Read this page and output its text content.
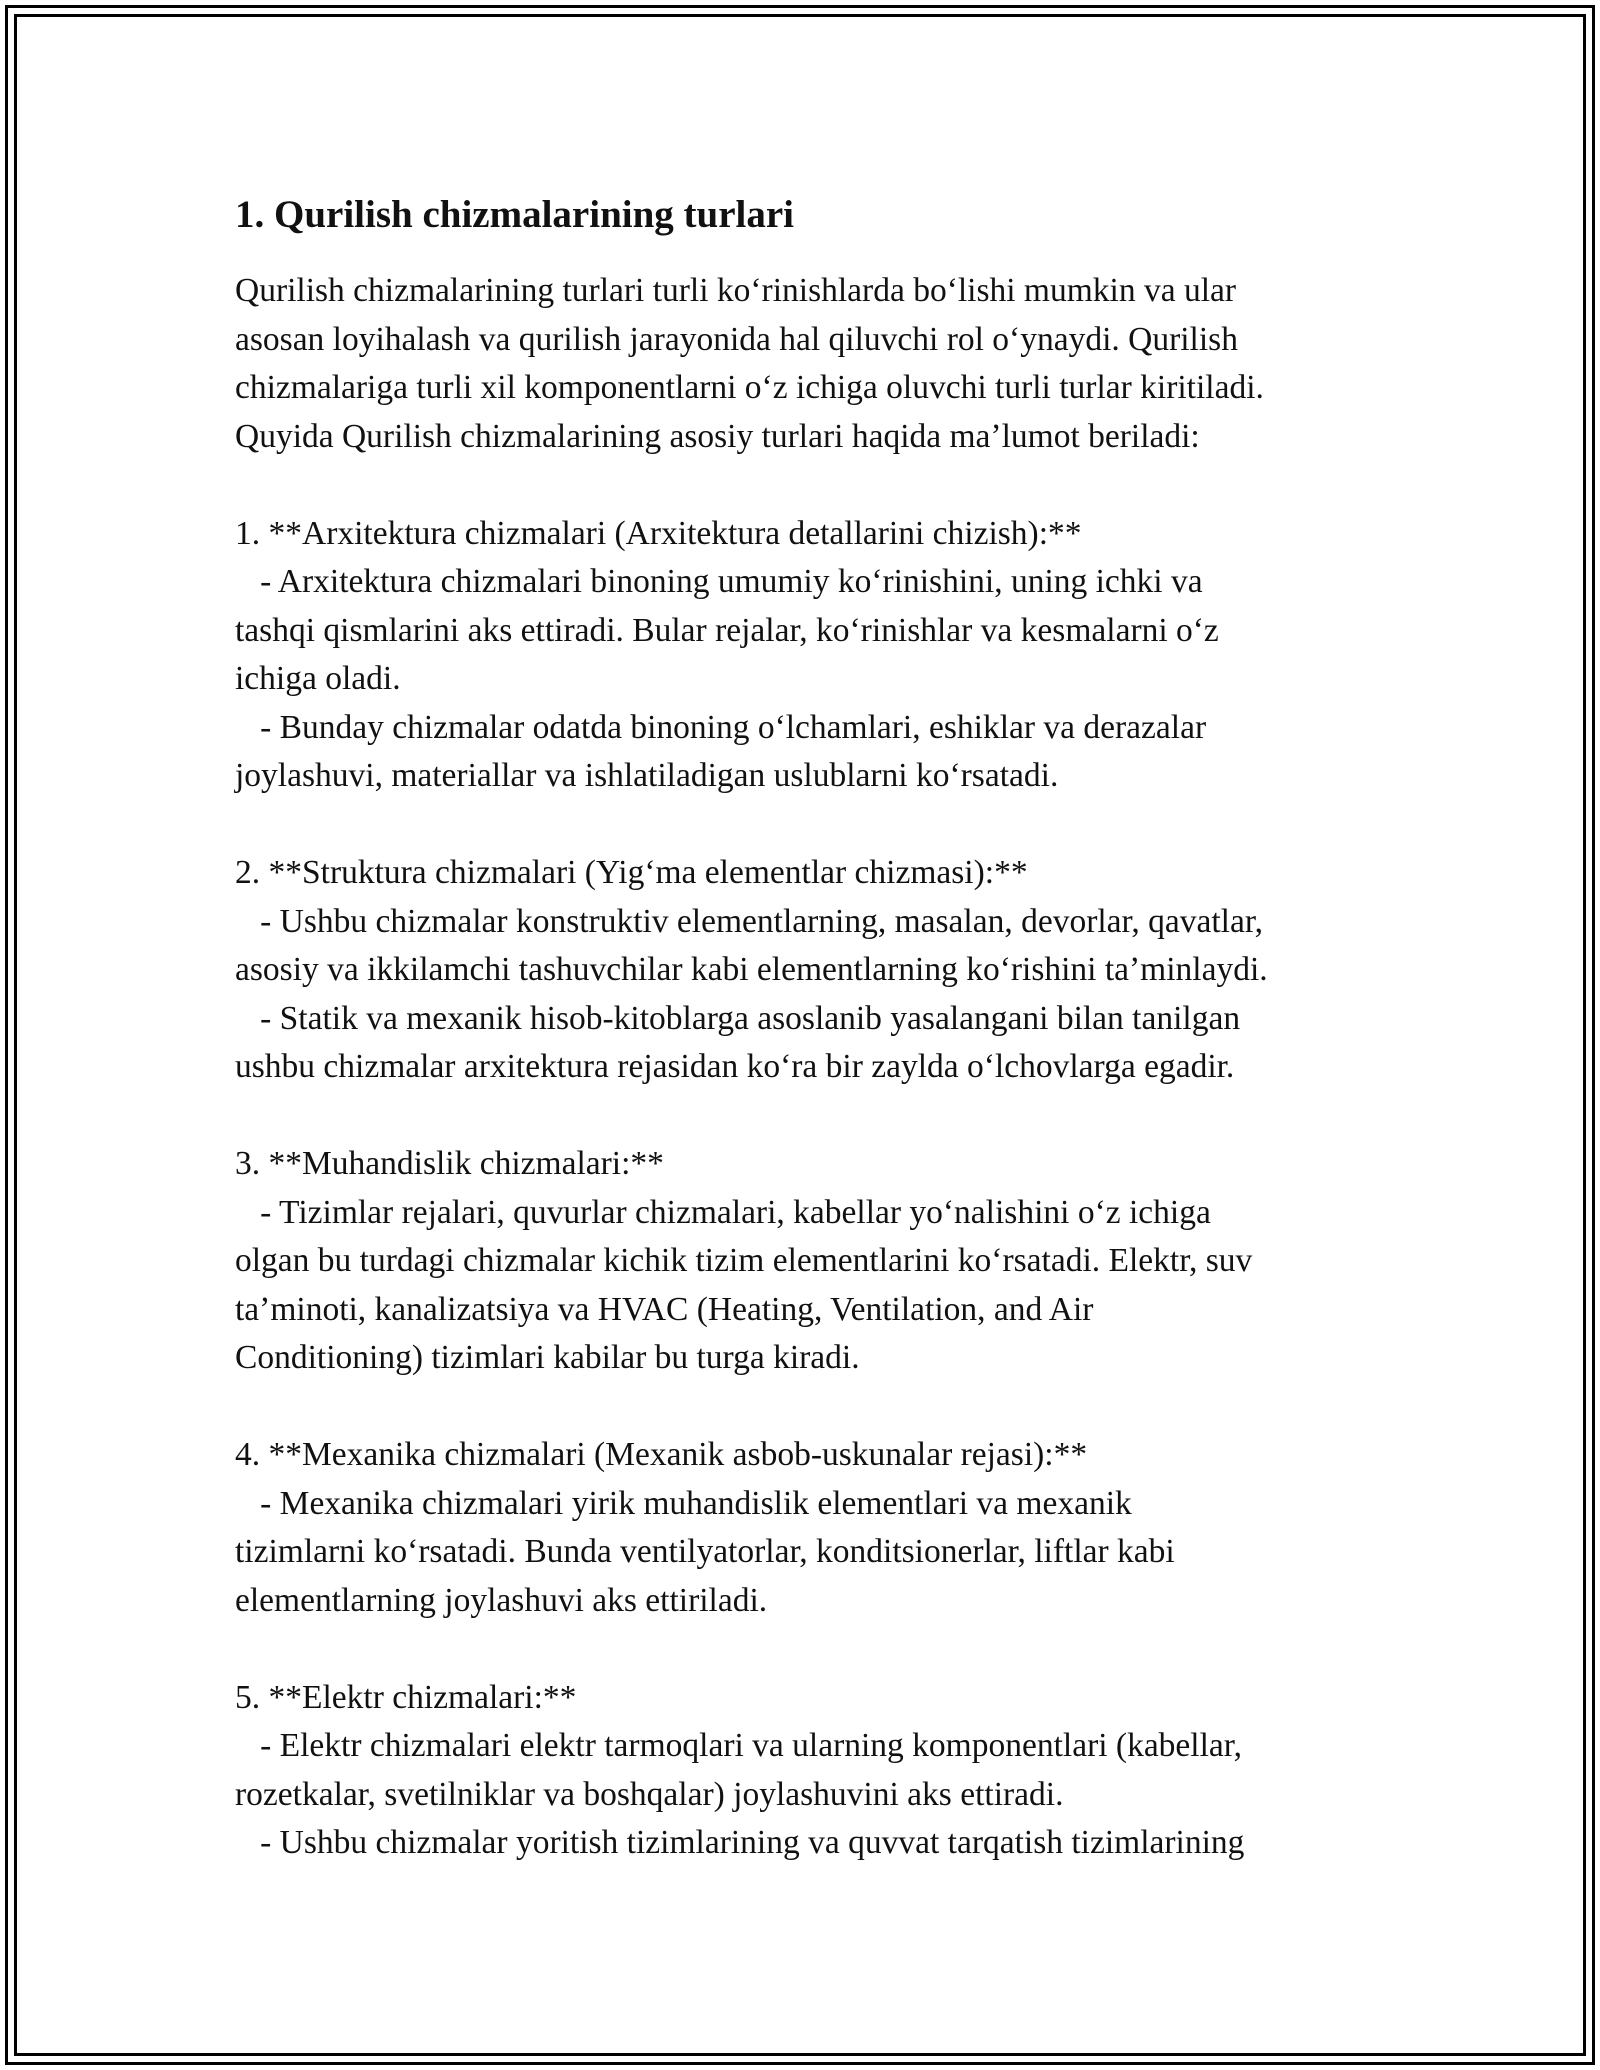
1. Qurilish chizmalarining turlari
Qurilish chizmalarining turlari turli koʻrinishlarda boʻlishi mumkin va ular
asosan loyihalash va qurilish jarayonida hal qiluvchi rol oʻynaydi. Qurilish
chizmalariga turli xil komponentlarni oʻz ichiga oluvchi turli turlar kiritiladi.
Quyida Qurilish chizmalarining asosiy turlari haqida maʼlumot beriladi:
1. **Arxitektura chizmalari (Arxitektura detallarini chizish):**
- Arxitektura chizmalari binoning umumiy koʻrinishini, uning ichki va
tashqi qismlarini aks ettiradi. Bular rejalar, koʻrinishlar va kesmalarni oʻz
ichiga oladi.
- Bunday chizmalar odatda binoning oʻlchamlari, eshiklar va derazalar
joylashuvi, materiallar va ishlatiladigan uslublarni koʻrsatadi.
2. **Struktura chizmalari (Yigʻma elementlar chizmasi):**
- Ushbu chizmalar konstruktiv elementlarning, masalan, devorlar, qavatlar,
asosiy va ikkilamchi tashuvchilar kabi elementlarning koʻrishini taʼminlaydi.
- Statik va mexanik hisob-kitoblarga asoslanib yasalangani bilan tanilgan
ushbu chizmalar arxitektura rejasidan koʻra bir zaylda oʻlchovlarga egadir.
3. **Muhandislik chizmalari:**
- Tizimlar rejalari, quvurlar chizmalari, kabellar yoʻnalishini oʻz ichiga
olgan bu turdagi chizmalar kichik tizim elementlarini koʻrsatadi. Elektr, suv
taʼminoti, kanalizatsiya va HVAC (Heating, Ventilation, and Air
Conditioning) tizimlari kabilar bu turga kiradi.
4. **Mexanika chizmalari (Mexanik asbob-uskunalar rejasi):**
- Mexanika chizmalari yirik muhandislik elementlari va mexanik
tizimlarni koʻrsatadi. Bunda ventilyatorlar, konditsionerlar, liftlar kabi
elementlarning joylashuvi aks ettiriladi.
5. **Elektr chizmalari:**
- Elektr chizmalari elektr tarmoqlari va ularning komponentlari (kabellar,
rozetkalar, svetilniklar va boshqalar) joylashuvini aks ettiradi.
- Ushbu chizmalar yoritish tizimlarining va quvvat tarqatish tizimlarining
